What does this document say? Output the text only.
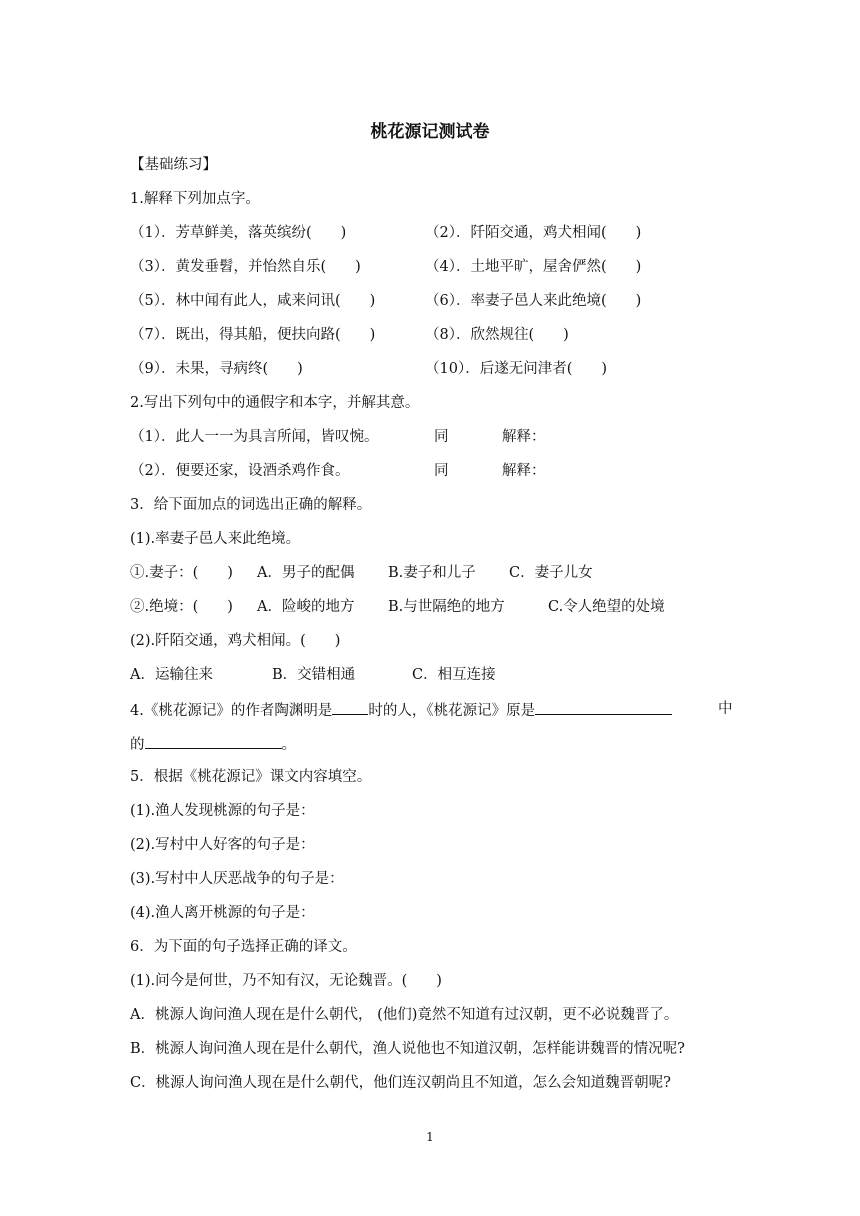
桃花源记测试卷
【基础练习】
1.解释下列加点字。
（1）．芳草鲜美，落英缤纷(　　)	（2）．阡陌交通，鸡犬相闻(　　)
（3）．黄发垂髫，并怡然自乐(　　)	（4）．土地平旷，屋舍俨然(　　)
（5）．林中闻有此人，咸来问讯(　　)	（6）．率妻子邑人来此绝境(　　)
（7）．既出，得其船，便扶向路(　　)	（8）．欣然规往(　　)
（9）．未果，寻病终(　　)	（10）．后遂无问津者(　　)
2.写出下列句中的通假字和本字，并解其意。
（1）．此人一一为具言所闻，皆叹惋。	同	解释：
（2）．便要还家，设酒杀鸡作食。	同	解释：
3．给下面加点的词选出正确的解释。
(1).率妻子邑人来此绝境。
①.妻子：(　　) A．男子的配偶 B.妻子和儿子 C．妻子儿女
②.绝境：(　　) A．险峻的地方 B.与世隔绝的地方	C.令人绝望的处境
(2).阡陌交通，鸡犬相闻。(　　)
A．运输往来	B．交错相通	C．相互连接
4.《桃花源记》的作者陶渊明是 时的人，《桃花源记》原是	中
的	。
5．根据《桃花源记》课文内容填空。
(1).渔人发现桃源的句子是：
(2).写村中人好客的句子是：
(3).写村中人厌恶战争的句子是：
(4).渔人离开桃源的句子是：
6．为下面的句子选择正确的译文。
(1).问今是何世，乃不知有汉，无论魏晋。(　　)
A．桃源人询问渔人现在是什么朝代， (他们)竟然不知道有过汉朝，更不必说魏晋了。
B．桃源人询问渔人现在是什么朝代，渔人说他也不知道汉朝，怎样能讲魏晋的情况呢?
C．桃源人询问渔人现在是什么朝代，他们连汉朝尚且不知道，怎么会知道魏晋朝呢?
1
